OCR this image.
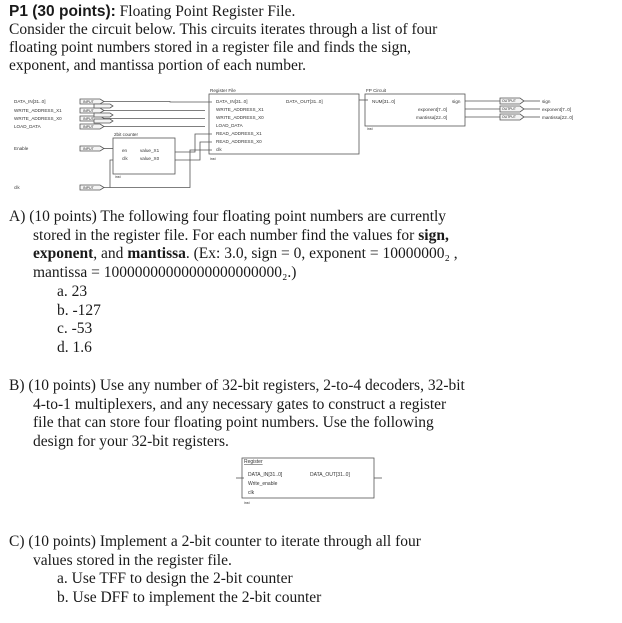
P1 (30 points): Floating Point Register File.
Consider the circuit below. This circuits iterates through a list of four
floating point numbers stored in a register file and finds the sign,
exponent, and mantissa portion of each number.
DATA_IN[31..0]
WRITE_ADDRESS_X1
WRITE_ADDRESS_X0
LOAD_DATA
Enable
clk
INPUT
INPUT
INPUT
INPUT
INPUT
INPUT
Register File
DATA_IN[31..0]
WRITE_ADDRESS_X1
WRITE_ADDRESS_X0
LOAD_DATA
READ_ADDRESS_X1
READ_ADDRESS_X0
clk
DATA_OUT[31..0]
inst
2bit counter
en
clk
value_X1
value_X0
inst
FP Circuit
NUM[31..0]	sign
exponent[7..0]
mantissa[22..0]
inst
OUTPUT
OUTPUT
OUTPUT
sign
exponent[7..0]
mantissa[22..0]
A) (10 points) The following four floating point numbers are currently
stored in the register file. For each number find the values for sign,
exponent, and mantissa. (Ex: 3.0, sign = 0, exponent = 10000000₂ ,
mantissa = 10000000000000000000000₂.)
a. 23
b. -127
c. -53
d. 1.6
B) (10 points) Use any number of 32-bit registers, 2-to-4 decoders, 32-bit
4-to-1 multiplexers, and any necessary gates to construct a register
file that can store four floating point numbers. Use the following
design for your 32-bit registers.
Register
DATA_IN[31..0]
Write_enable
clk
DATA_OUT[31..0]
inst
C) (10 points) Implement a 2-bit counter to iterate through all four
values stored in the register file.
a. Use TFF to design the 2-bit counter
b. Use DFF to implement the 2-bit counter
